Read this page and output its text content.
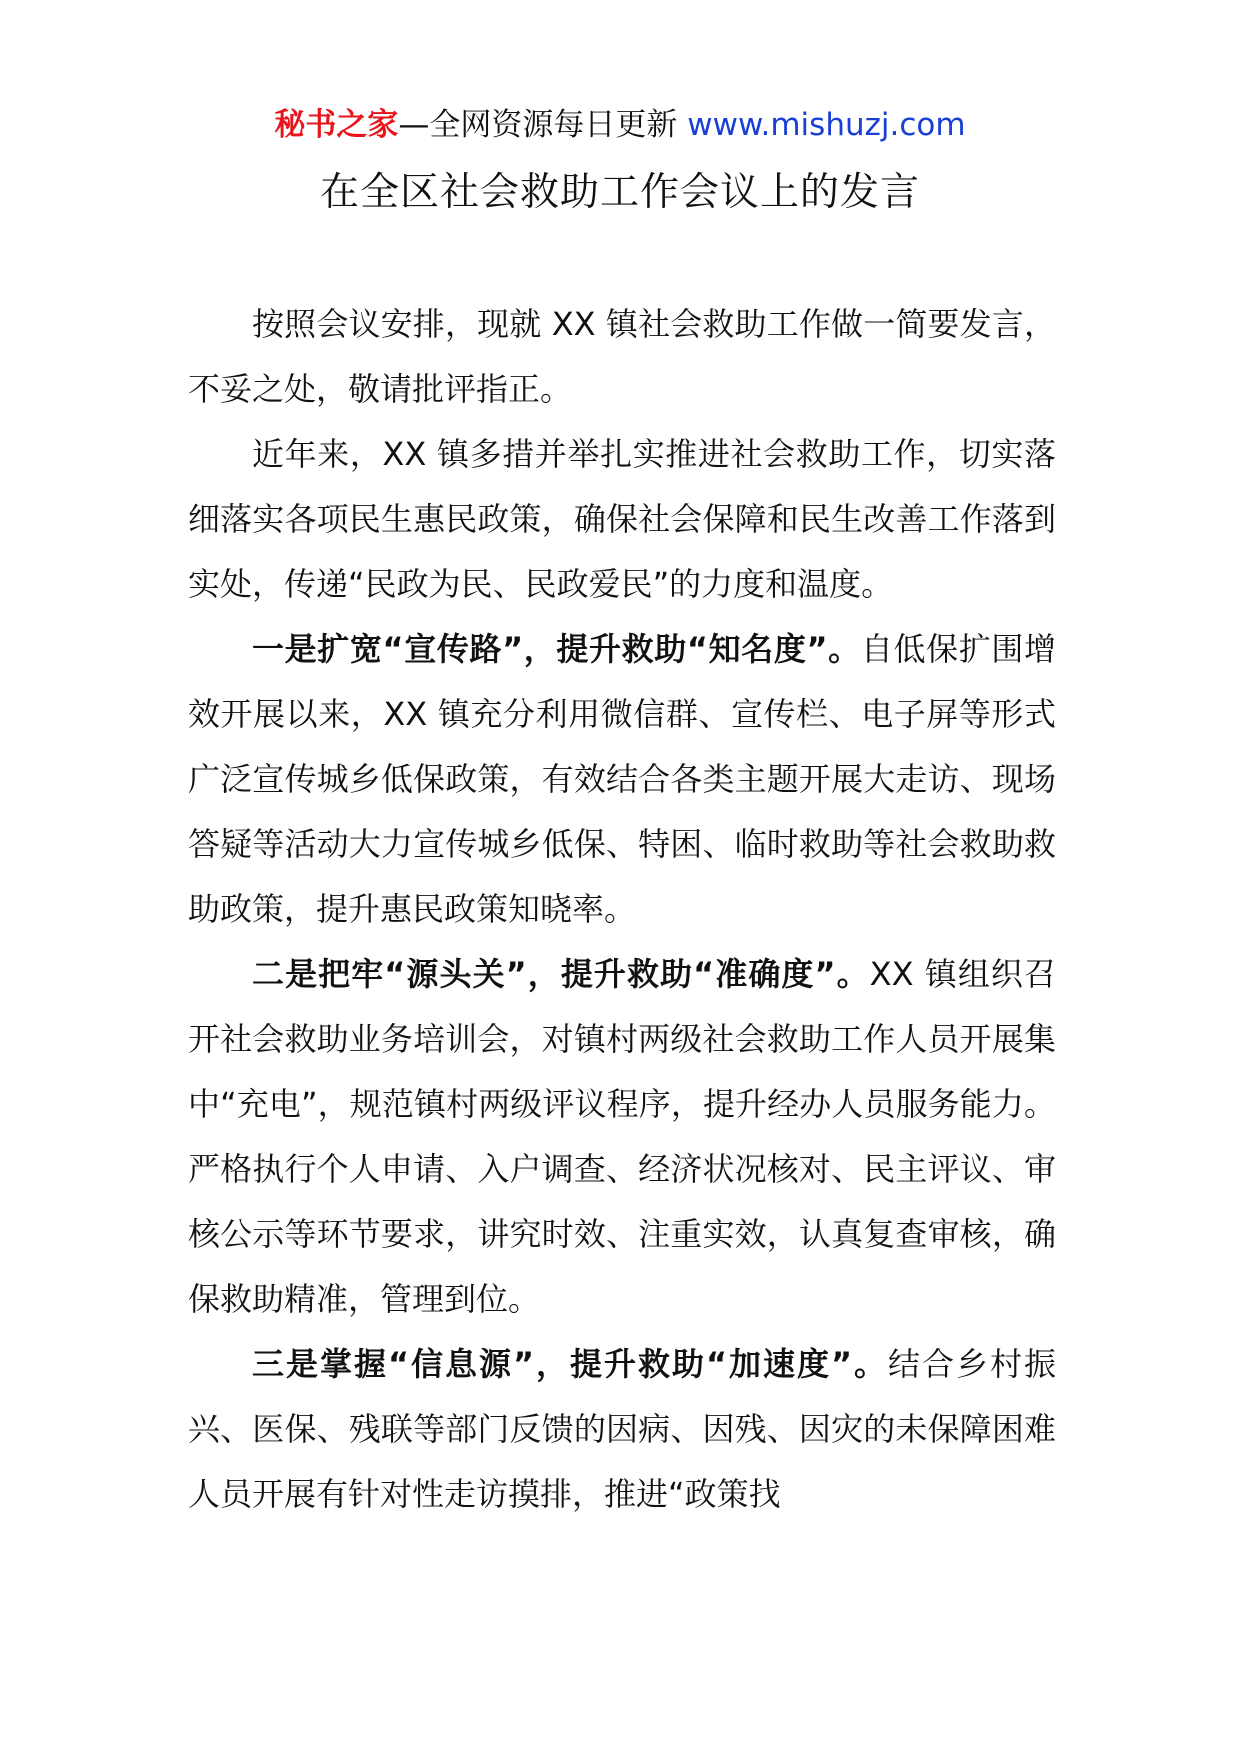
秘书之家—全网资源每日更新 www.mishuzj.com
在全区社会救助工作会议上的发言

按照会议安排，现就 XX 镇社会救助工作做一简要发言，不妥之处，敬请批评指正。

近年来，XX 镇多措并举扎实推进社会救助工作，切实落细落实各项民生惠民政策，确保社会保障和民生改善工作落到实处，传递“民政为民、民政爱民”的力度和温度。

一是扩宽“宣传路”，提升救助“知名度”。自低保扩围增效开展以来，XX 镇充分利用微信群、宣传栏、电子屏等形式广泛宣传城乡低保政策，有效结合各类主题开展大走访、现场答疑等活动大力宣传城乡低保、特困、临时救助等社会救助救助政策，提升惠民政策知晓率。

二是把牢“源头关”，提升救助“准确度”。XX 镇组织召开社会救助业务培训会，对镇村两级社会救助工作人员开展集中“充电”，规范镇村两级评议程序，提升经办人员服务能力。严格执行个人申请、入户调查、经济状况核对、民主评议、审核公示等环节要求，讲究时效、注重实效，认真复查审核，确保救助精准，管理到位。

三是掌握“信息源”，提升救助“加速度”。结合乡村振兴、医保、残联等部门反馈的因病、因残、因灾的未保障困难人员开展有针对性走访摸排，推进“政策找
